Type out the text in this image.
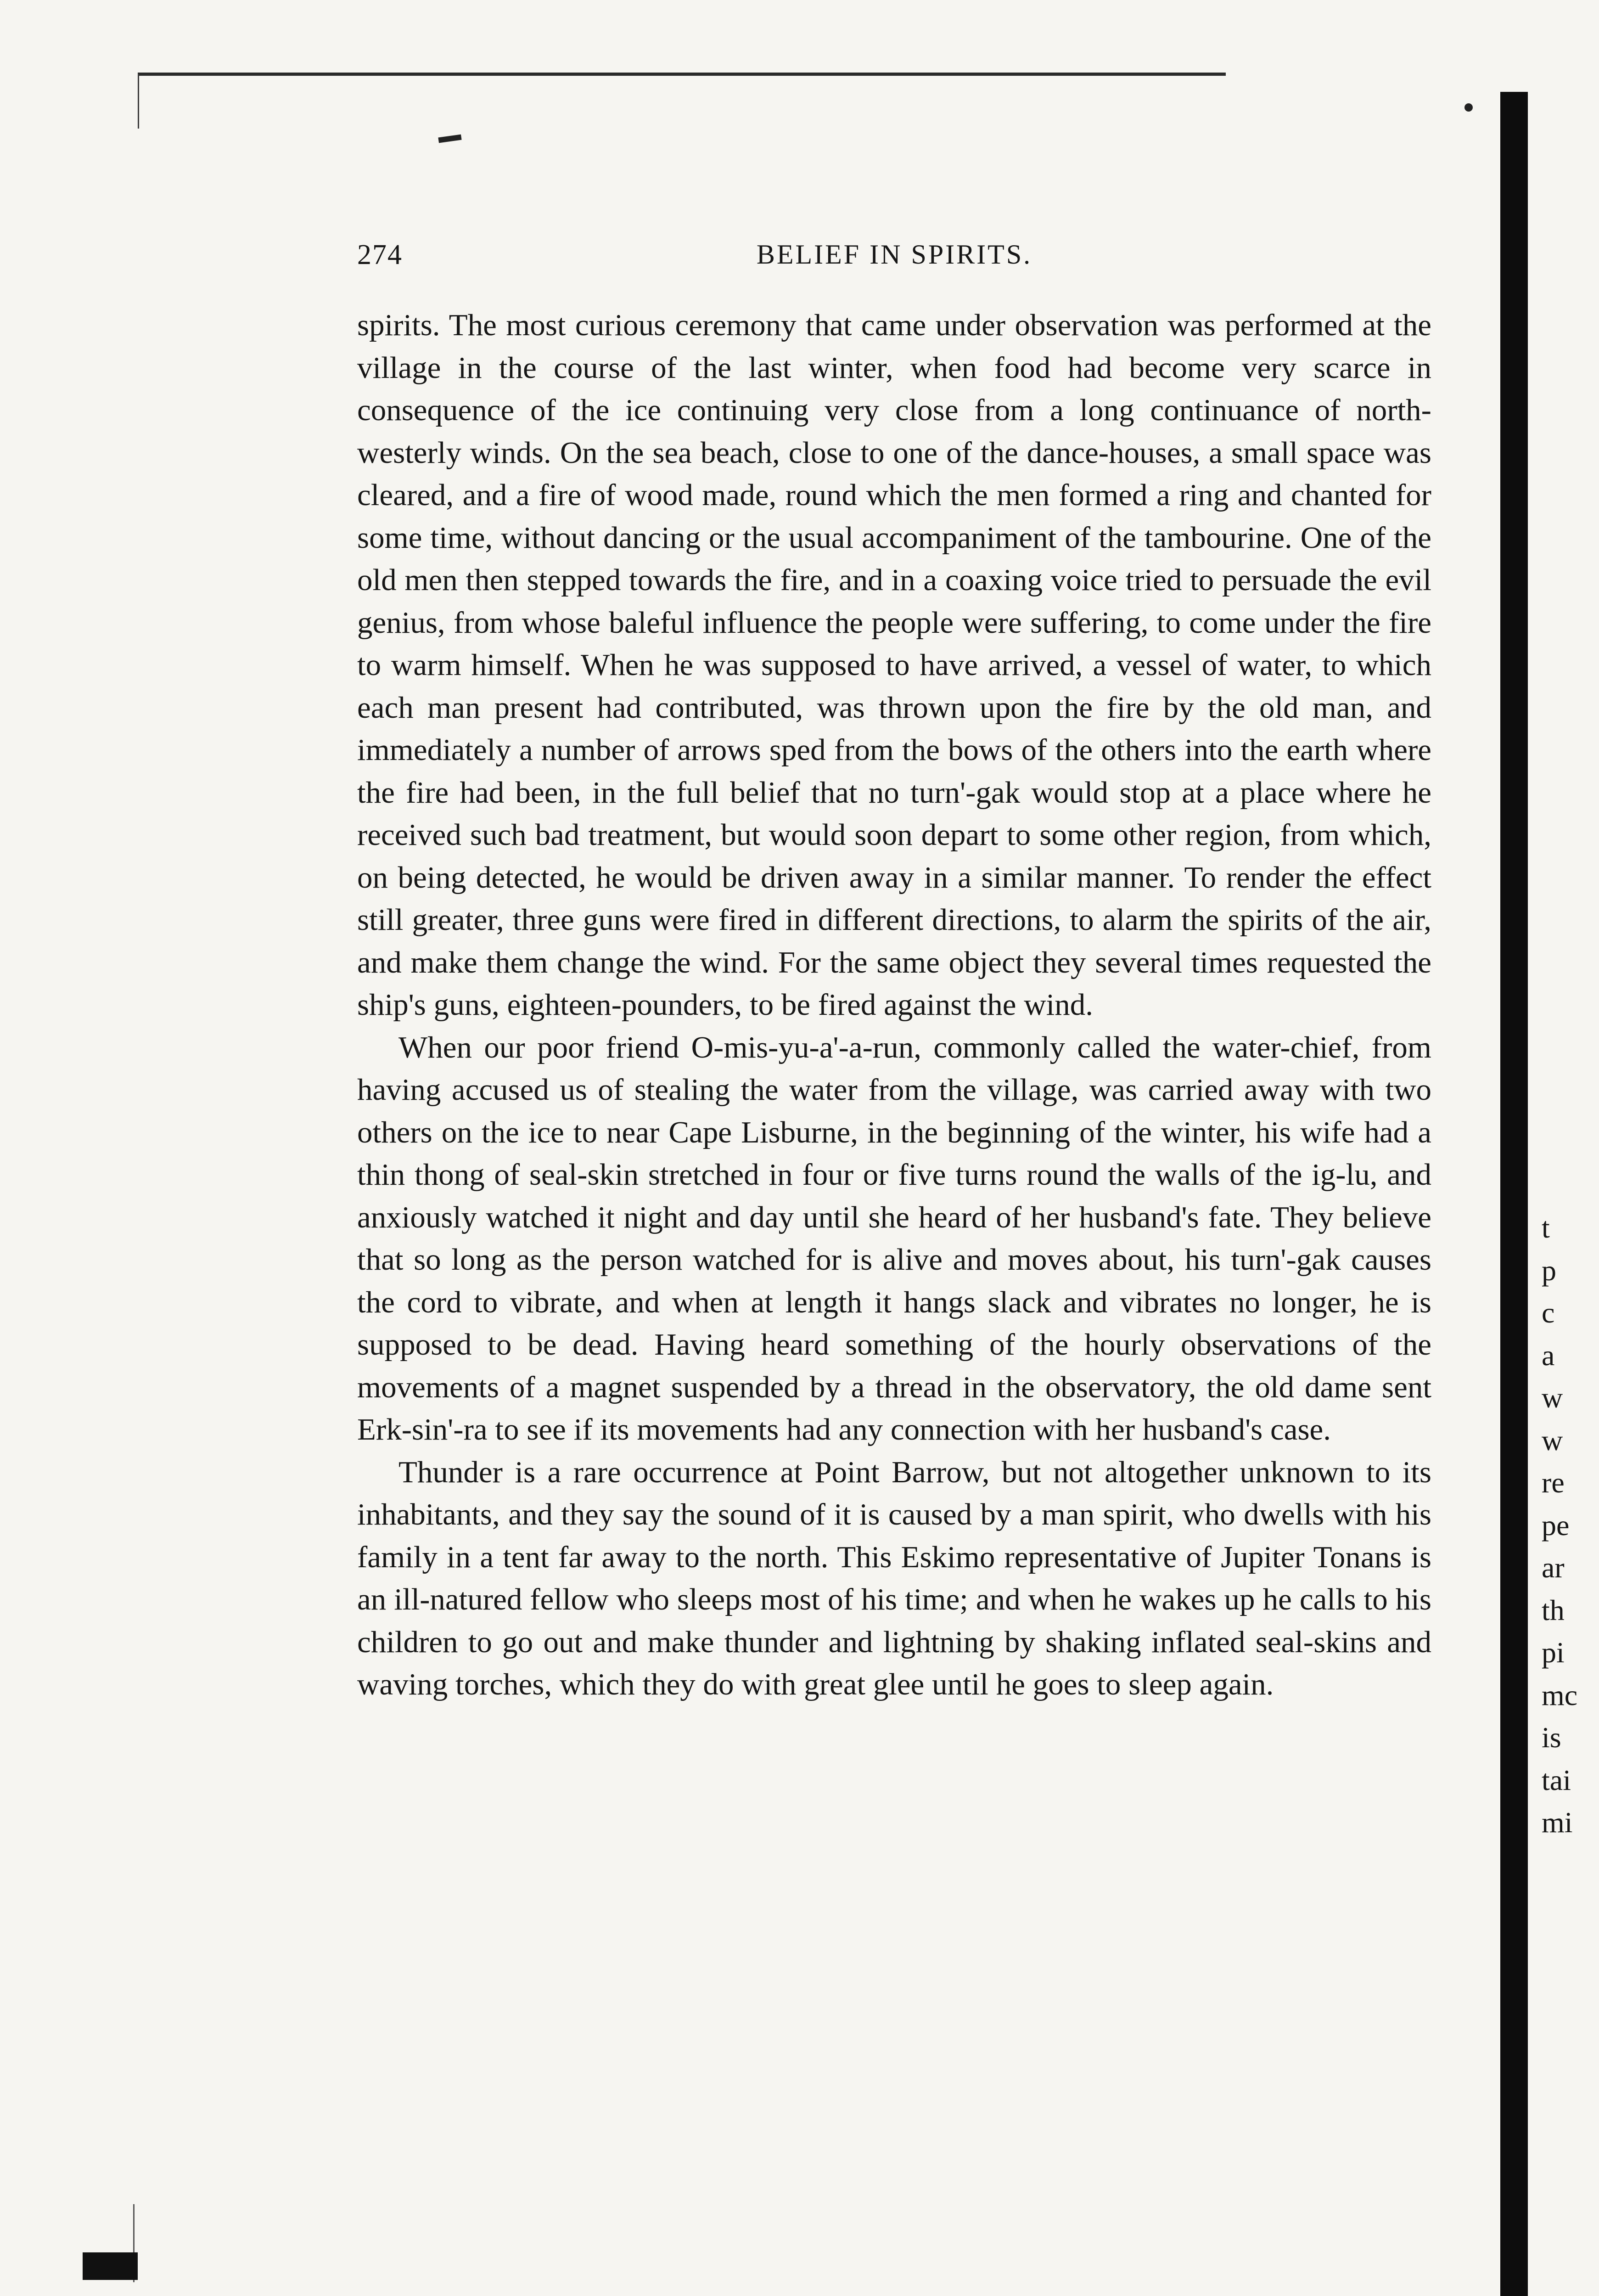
274	BELIEF IN SPIRITS.

spirits. The most curious ceremony that came under observation was performed at the village in the course of the last winter, when food had become very scarce in consequence of the ice continuing very close from a long continuance of north-westerly winds. On the sea beach, close to one of the dance-houses, a small space was cleared, and a fire of wood made, round which the men formed a ring and chanted for some time, without dancing or the usual accompaniment of the tambourine. One of the old men then stepped towards the fire, and in a coaxing voice tried to persuade the evil genius, from whose baleful influence the people were suffering, to come under the fire to warm himself. When he was supposed to have arrived, a vessel of water, to which each man present had contributed, was thrown upon the fire by the old man, and immediately a number of arrows sped from the bows of the others into the earth where the fire had been, in the full belief that no turn'-gak would stop at a place where he received such bad treatment, but would soon depart to some other region, from which, on being detected, he would be driven away in a similar manner. To render the effect still greater, three guns were fired in different directions, to alarm the spirits of the air, and make them change the wind. For the same object they several times requested the ship's guns, eighteen-pounders, to be fired against the wind.

When our poor friend O-mis-yu-a'-a-run, commonly called the water-chief, from having accused us of stealing the water from the village, was carried away with two others on the ice to near Cape Lisburne, in the beginning of the winter, his wife had a thin thong of seal-skin stretched in four or five turns round the walls of the ig-lu, and anxiously watched it night and day until she heard of her husband's fate. They believe that so long as the person watched for is alive and moves about, his turn'-gak causes the cord to vibrate, and when at length it hangs slack and vibrates no longer, he is supposed to be dead. Having heard something of the hourly observations of the movements of a magnet suspended by a thread in the observatory, the old dame sent Erk-sin'-ra to see if its movements had any connection with her husband's case.

Thunder is a rare occurrence at Point Barrow, but not altogether unknown to its inhabitants, and they say the sound of it is caused by a man spirit, who dwells with his family in a tent far away to the north. This Eskimo representative of Jupiter Tonans is an ill-natured fellow who sleeps most of his time; and when he wakes up he calls to his children to go out and make thunder and lightning by shaking inflated seal-skins and waving torches, which they do with great glee until he goes to sleep again.

t
p
c
a
w
w
re
pe
ar
th
pi
mc
is
tai
mi
